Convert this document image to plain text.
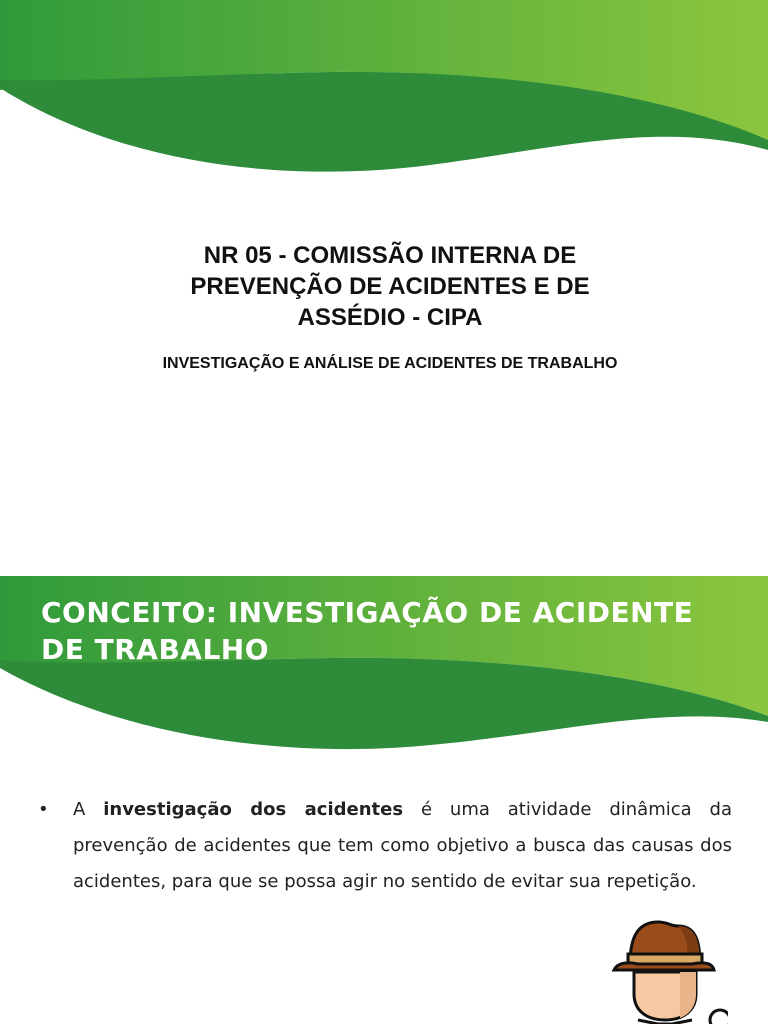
NR 05 - COMISSÃO INTERNA DE PREVENÇÃO DE ACIDENTES E DE ASSÉDIO - CIPA
INVESTIGAÇÃO E ANÁLISE DE ACIDENTES DE TRABALHO
CONCEITO: INVESTIGAÇÃO DE ACIDENTE DE TRABALHO
• A investigação dos acidentes é uma atividade dinâmica da prevenção de acidentes que tem como objetivo a busca das causas dos acidentes, para que se possa agir no sentido de evitar sua repetição.
